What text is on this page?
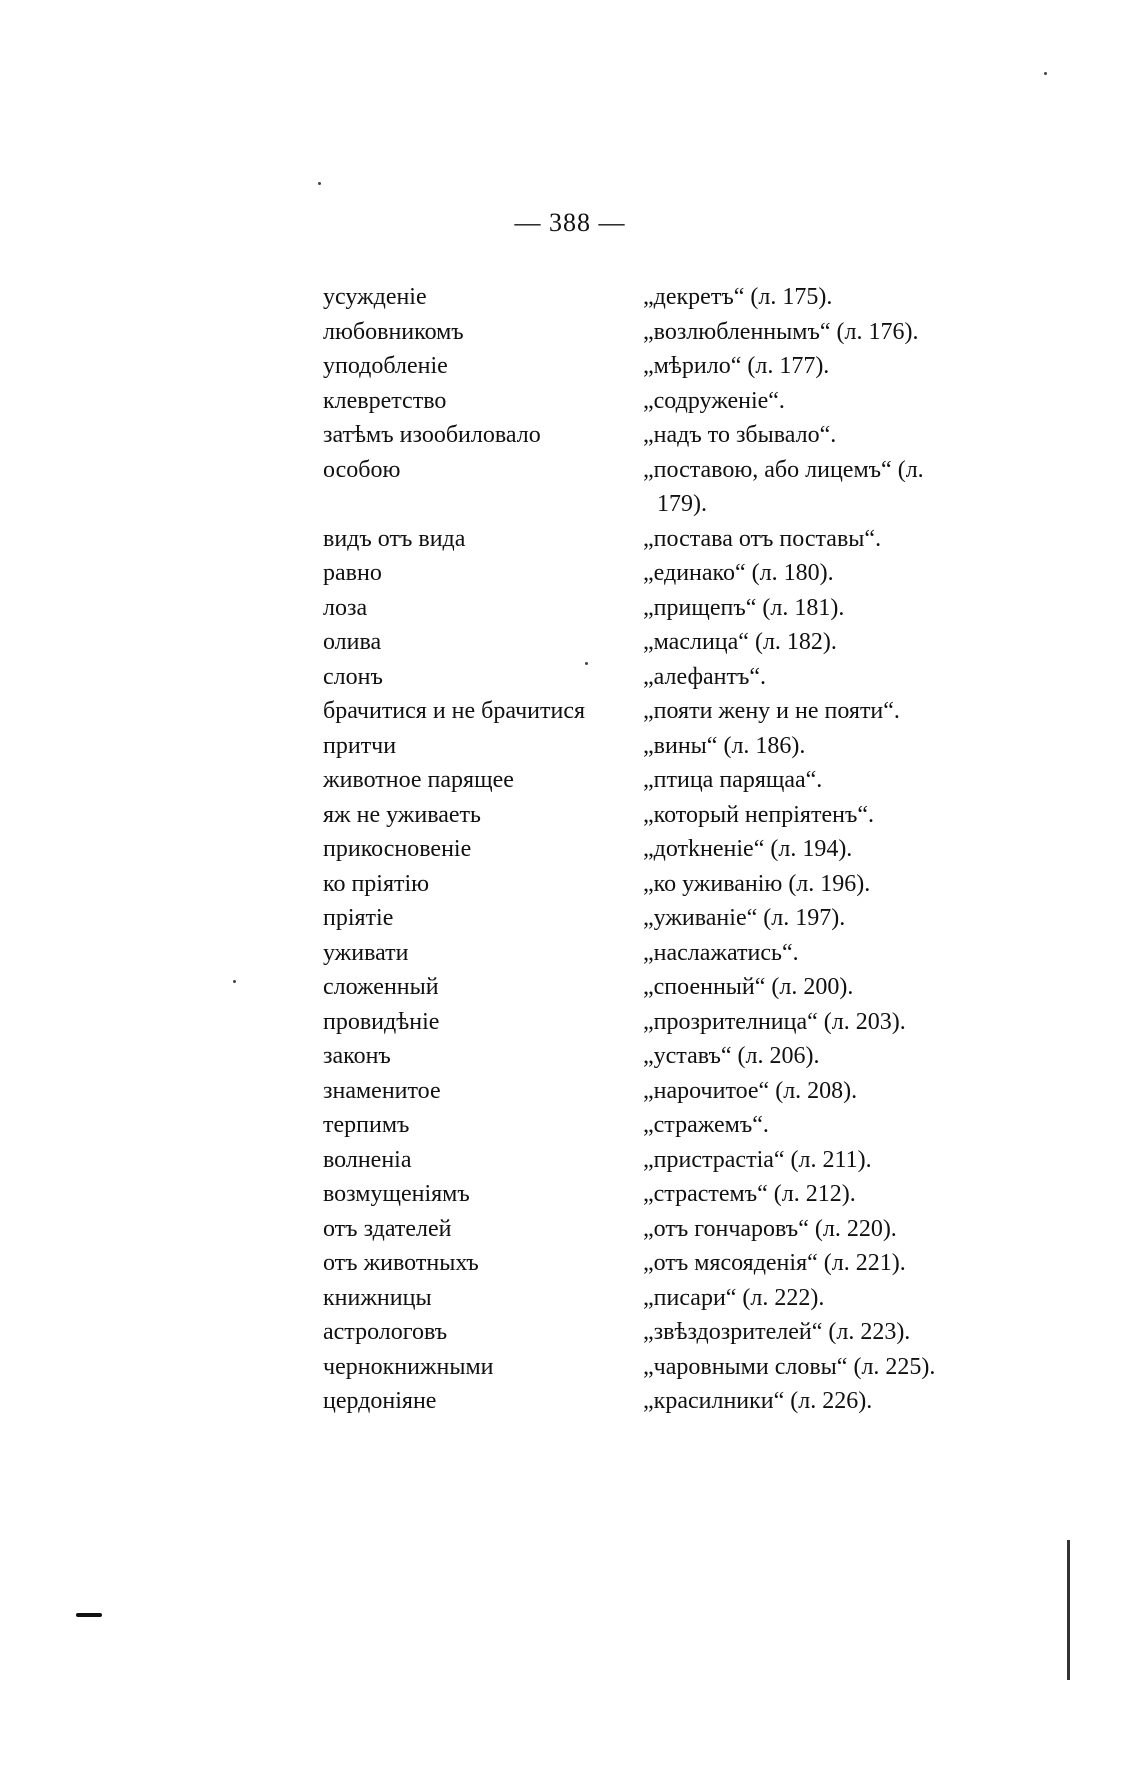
— 388 —
усужденіе	„декретъ“ (л. 175).
любовникомъ	„возлюбленнымъ“ (л. 176).
уподобленіе	„мѣрило“ (л. 177).
клевретство	„содруженіе“.
затѣмъ изообиловало	„надъ то збывало“.
особою	„поставою, або лицемъ“ (л.
179).
видъ отъ вида	„постава отъ поставы“.
равно	„единако“ (л. 180).
лоза	„прищепъ“ (л. 181).
олива	„маслица“ (л. 182).
слонъ	„алефантъ“.
брачитися и не брачитися	„пояти жену и не пояти“.
притчи	„вины“ (л. 186).
животное парящее	„птица парящаа“.
яж не уживаеть	„который непріятенъ“.
прикосновеніе	„дотkненіе“ (л. 194).
ко пріятію	„ко уживанію (л. 196).
пріятіе	„уживаніе“ (л. 197).
уживати	„наслажатись“.
сложенный	„споенный“ (л. 200).
провидѣніе	„прозрителница“ (л. 203).
законъ	„уставъ“ (л. 206).
знаменитое	„нарочитое“ (л. 208).
терпимъ	„стражемъ“.
волненіа	„пристрастіа“ (л. 211).
возмущеніямъ	„страстемъ“ (л. 212).
отъ здателей	„отъ гончаровъ“ (л. 220).
отъ животныхъ	„отъ мясояденія“ (л. 221).
книжницы	„писари“ (л. 222).
астрологовъ	„звѣздозрителей“ (л. 223).
чернокнижными	„чаровными словы“ (л. 225).
цердоніяне	„красилники“ (л. 226).
